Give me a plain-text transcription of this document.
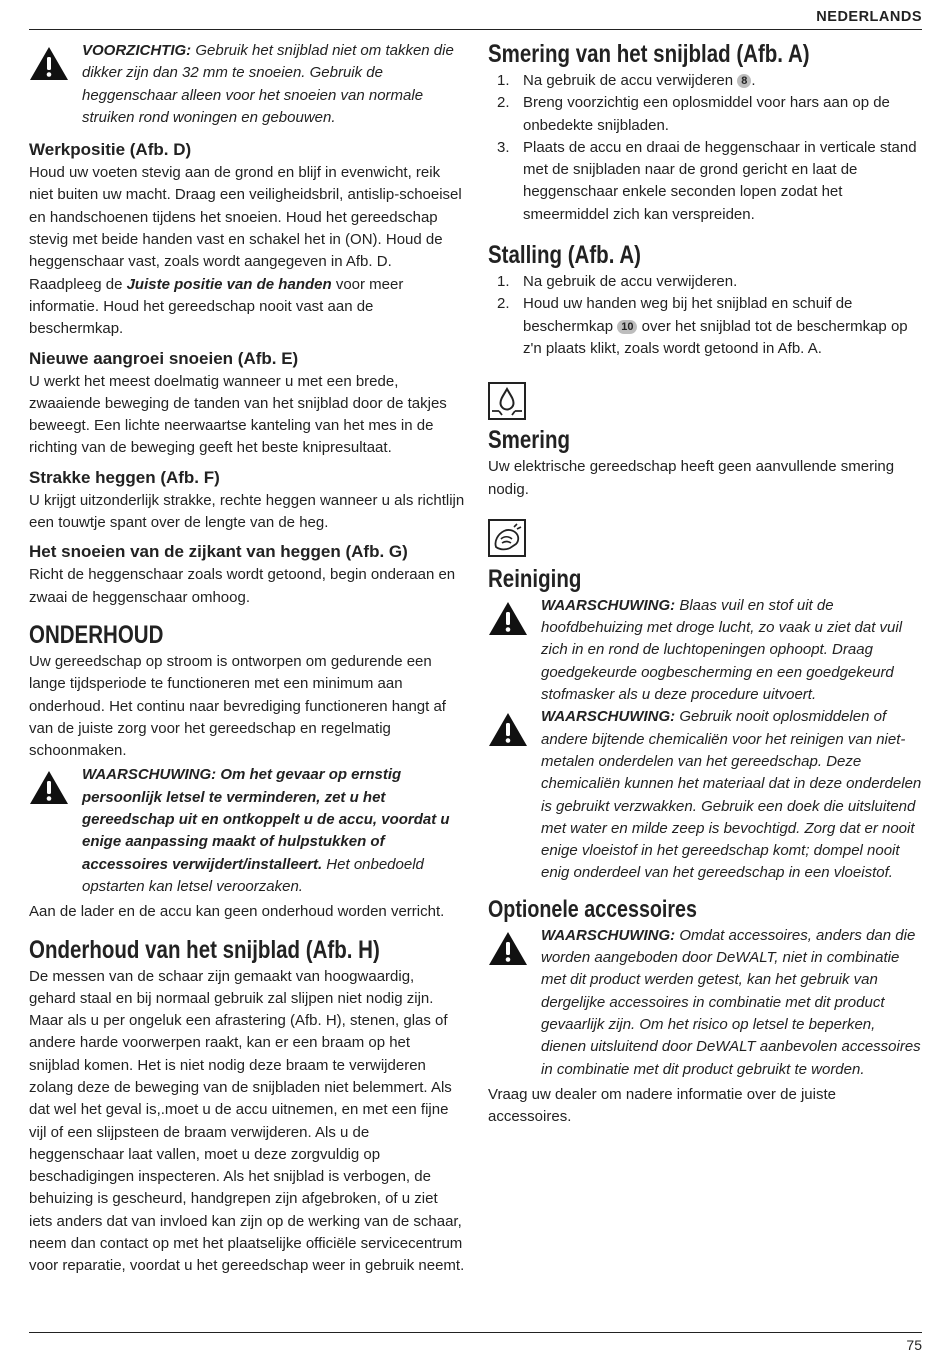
NEDERLANDS

VOORZICHTIG: Gebruik het snijblad niet om takken die dikker zijn dan 32 mm te snoeien. Gebruik de heggenschaar alleen voor het snoeien van normale struiken rond woningen en gebouwen.

Werkpositie (Afb. D)

Houd uw voeten stevig aan de grond en blijf in evenwicht, reik niet buiten uw macht. Draag een veiligheidsbril, antislip-schoeisel en handschoenen tijdens het snoeien. Houd het gereedschap stevig met beide handen vast en schakel het in (ON). Houd de heggenschaar vast, zoals wordt aangegeven in Afb. D. Raadpleeg de Juiste positie van de handen voor meer informatie. Houd het gereedschap nooit vast aan de beschermkap.

Nieuwe aangroei snoeien (Afb. E)

U werkt het meest doelmatig wanneer u met een brede, zwaaiende beweging de tanden van het snijblad door de takjes beweegt. Een lichte neerwaartse kanteling van het mes in de richting van de beweging geeft het beste knipresultaat.

Strakke heggen (Afb. F)

U krijgt uitzonderlijk strakke, rechte heggen wanneer u als richtlijn een touwtje spant over de lengte van de heg.

Het snoeien van de zijkant van heggen (Afb. G)

Richt de heggenschaar zoals wordt getoond, begin onderaan en zwaai de heggenschaar omhoog.

ONDERHOUD

Uw gereedschap op stroom is ontworpen om gedurende een lange tijdsperiode te functioneren met een minimum aan onderhoud. Het continu naar bevrediging functioneren hangt af van de juiste zorg voor het gereedschap en regelmatig schoonmaken.

WAARSCHUWING: Om het gevaar op ernstig persoonlijk letsel te verminderen, zet u het gereedschap uit en ontkoppelt u de accu, voordat u enige aanpassing maakt of hulpstukken of accessoires verwijdert/installeert. Het onbedoeld opstarten kan letsel veroorzaken.

Aan de lader en de accu kan geen onderhoud worden verricht.

Onderhoud van het snijblad (Afb. H)

De messen van de schaar zijn gemaakt van hoogwaardig, gehard staal en bij normaal gebruik zal slijpen niet nodig zijn. Maar als u per ongeluk een afrastering (Afb. H), stenen, glas of andere harde voorwerpen raakt, kan er een braam op het snijblad komen. Het is niet nodig deze braam te verwijderen zolang deze de beweging van de snijbladen niet belemmert. Als dat wel het geval is,.moet u de accu uitnemen, en met een fijne vijl of een slijpsteen de braam verwijderen. Als u de heggenschaar laat vallen, moet u deze zorgvuldig op beschadigingen inspecteren. Als het snijblad is verbogen, de behuizing is gescheurd, handgrepen zijn afgebroken, of u ziet iets anders dat van invloed kan zijn op de werking van de schaar, neem dan contact op met het plaatselijke officiële servicecentrum voor reparatie, voordat u het gereedschap weer in gebruik neemt.

Smering van het snijblad (Afb. A)
1. Na gebruik de accu verwijderen 8 .
2. Breng voorzichtig een oplosmiddel voor hars aan op de onbedekte snijbladen.
3. Plaats de accu en draai de heggenschaar in verticale stand met de snijbladen naar de grond gericht en laat de heggenschaar enkele seconden lopen zodat het smeermiddel zich kan verspreiden.
Stalling (Afb. A)
1. Na gebruik de accu verwijderen.
2. Houd uw handen weg bij het snijblad en schuif de beschermkap 10 over het snijblad tot de beschermkap op z'n plaats klikt, zoals wordt getoond in Afb. A.
Smering

Uw elektrische gereedschap heeft geen aanvullende smering nodig.

Reiniging

WAARSCHUWING: Blaas vuil en stof uit de hoofdbehuizing met droge lucht, zo vaak u ziet dat vuil zich in en rond de luchtopeningen ophoopt. Draag goedgekeurde oogbescherming en een goedgekeurd stofmasker als u deze procedure uitvoert.

WAARSCHUWING: Gebruik nooit oplosmiddelen of andere bijtende chemicaliën voor het reinigen van niet-metalen onderdelen van het gereedschap. Deze chemicaliën kunnen het materiaal dat in deze onderdelen is gebruikt verzwakken. Gebruik een doek die uitsluitend met water en milde zeep is bevochtigd. Zorg dat er nooit enige vloeistof in het gereedschap komt; dompel nooit enig onderdeel van het gereedschap in een vloeistof.

Optionele accessoires

WAARSCHUWING: Omdat accessoires, anders dan die worden aangeboden door DeWALT, niet in combinatie met dit product werden getest, kan het gebruik van dergelijke accessoires in combinatie met dit product gevaarlijk zijn. Om het risico op letsel te beperken, dienen uitsluitend door DeWALT aanbevolen accessoires in combinatie met dit product gebruikt te worden.

Vraag uw dealer om nadere informatie over de juiste accessoires.

75
